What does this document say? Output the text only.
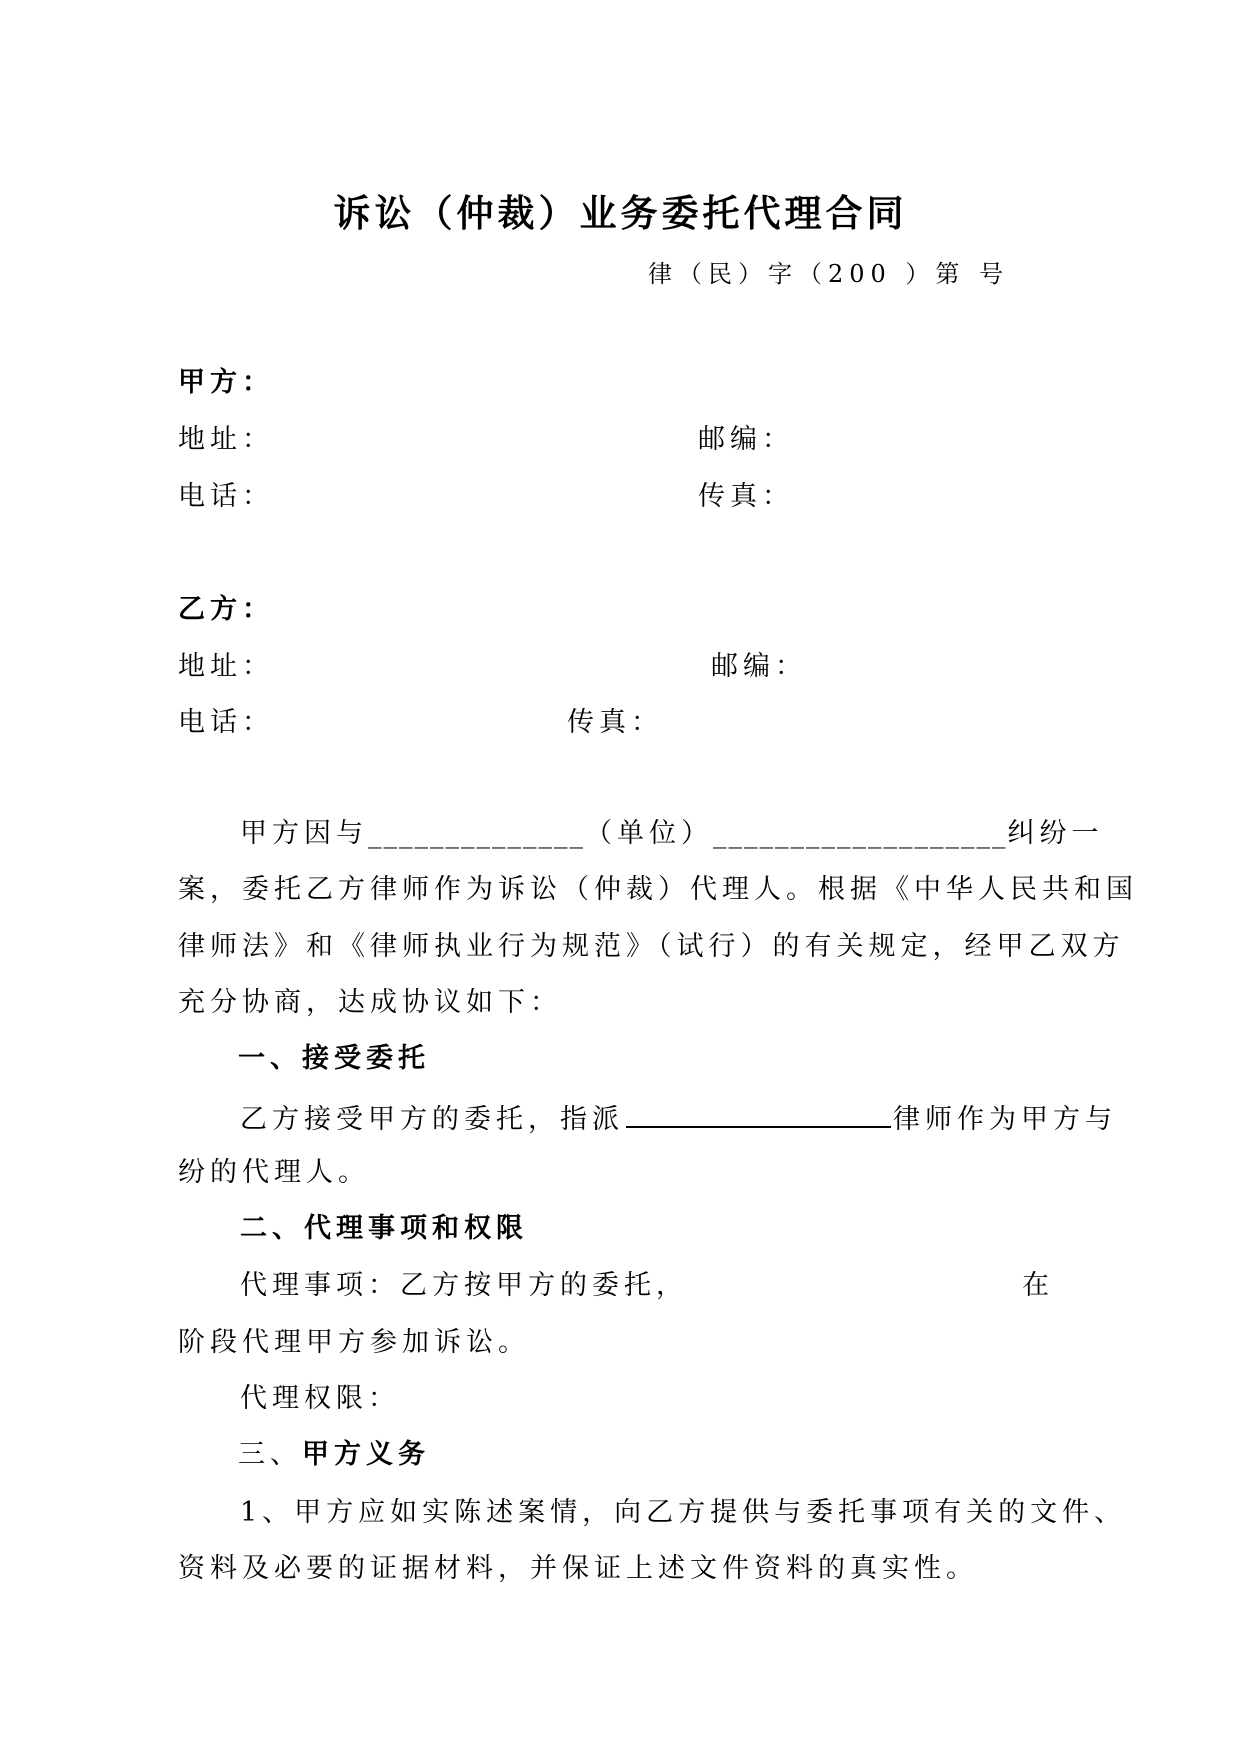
诉讼（仲裁）业务委托代理合同
律（民）字（200 ）第 号
甲方：
地址：	邮编：
电话：	传真：
乙方：
地址：	邮编：
电话：	传真：
甲方因与______________（单位）___________________纠纷一
案，委托乙方律师作为诉讼（仲裁）代理人。根据《中华人民共和国
律师法》和《律师执业行为规范》（试行）的有关规定，经甲乙双方
充分协商，达成协议如下：
一、接受委托
乙方接受甲方的委托，指派	律师作为甲方与
纷的代理人。
二、代理事项和权限
代理事项：乙方按甲方的委托，	在
阶段代理甲方参加诉讼。
代理权限：
三、甲方义务
1、甲方应如实陈述案情，向乙方提供与委托事项有关的文件、
资料及必要的证据材料，并保证上述文件资料的真实性。
